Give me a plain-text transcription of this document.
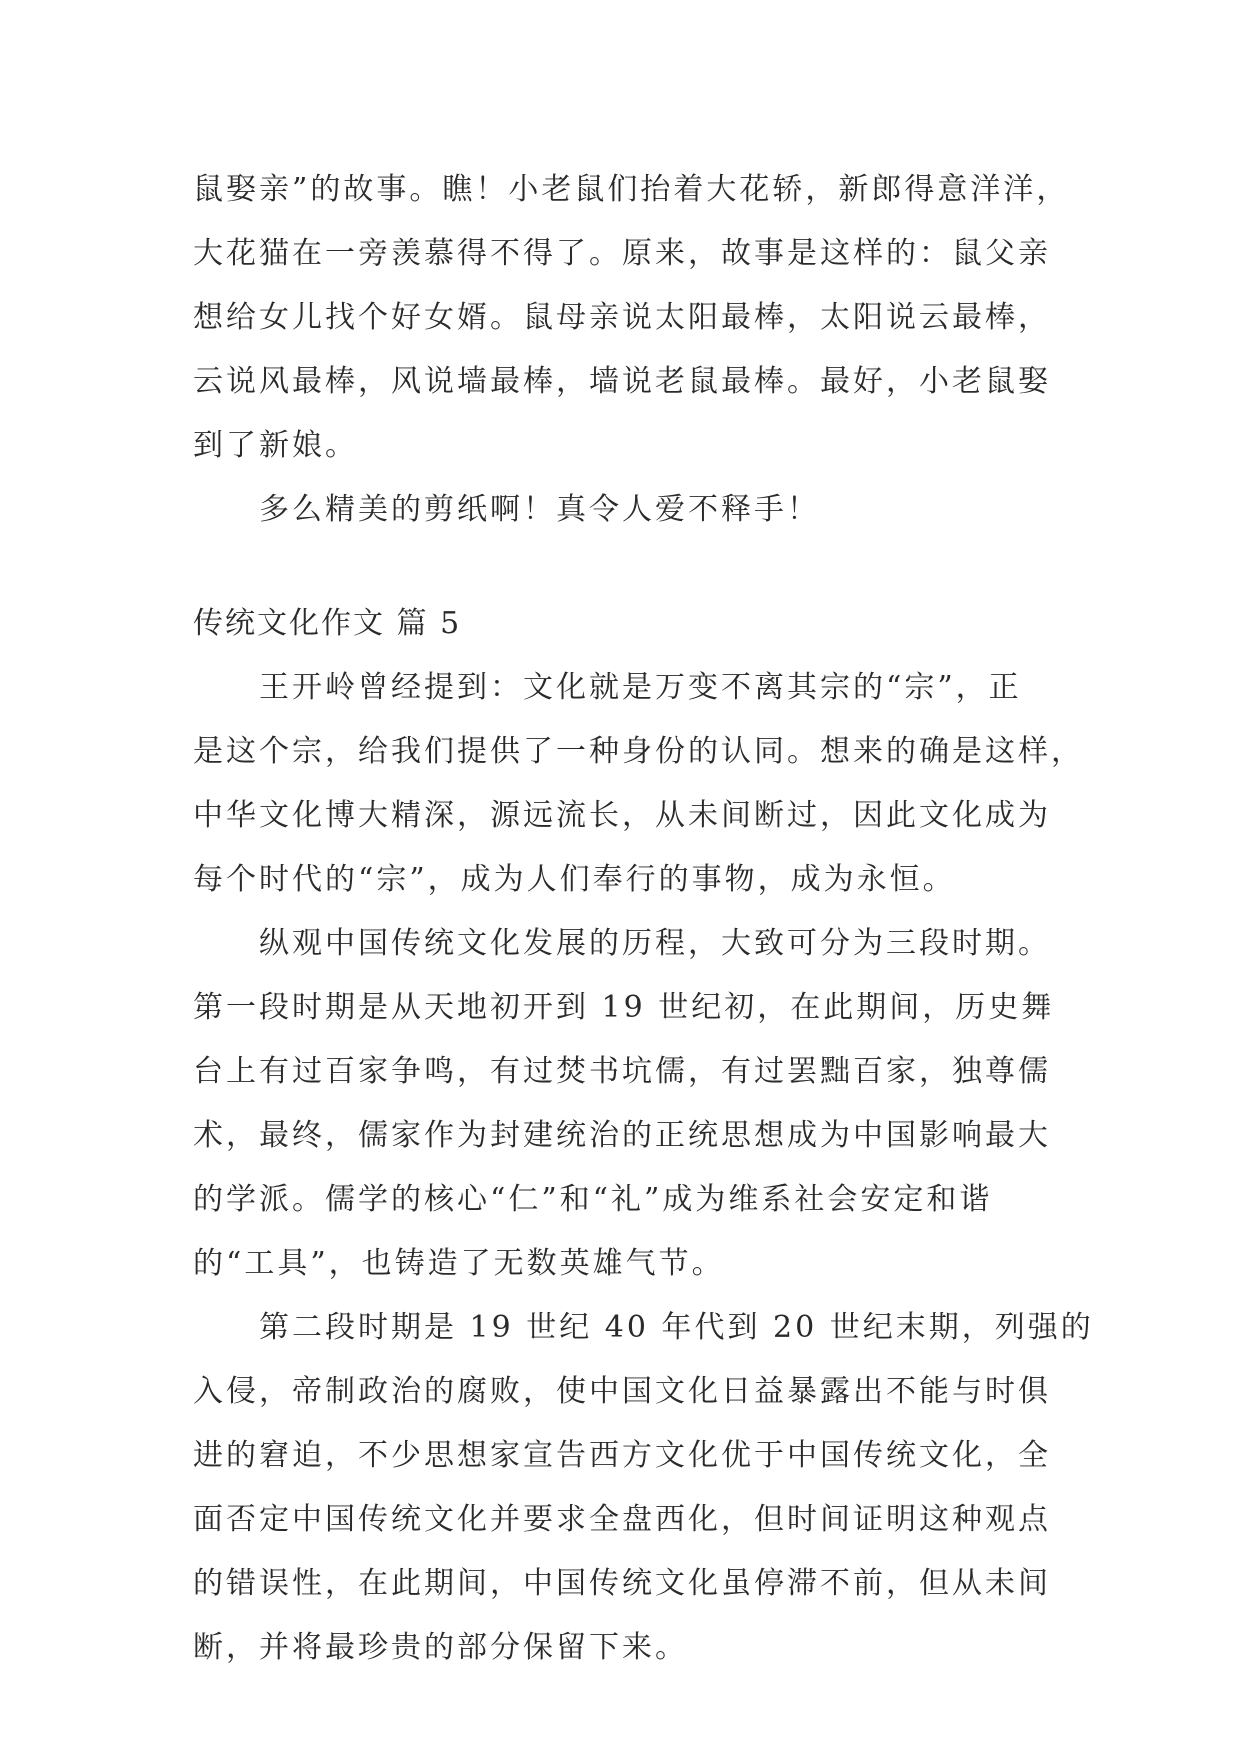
鼠娶亲”的故事。瞧！小老鼠们抬着大花轿，新郎得意洋洋，
大花猫在一旁羡慕得不得了。原来，故事是这样的：鼠父亲
想给女儿找个好女婿。鼠母亲说太阳最棒，太阳说云最棒，
云说风最棒，风说墙最棒，墙说老鼠最棒。最好，小老鼠娶
到了新娘。
多么精美的剪纸啊！真令人爱不释手！
传统文化作文 篇 5
王开岭曾经提到：文化就是万变不离其宗的“宗”，正
是这个宗，给我们提供了一种身份的认同。想来的确是这样，
中华文化博大精深，源远流长，从未间断过，因此文化成为
每个时代的“宗”，成为人们奉行的事物，成为永恒。
纵观中国传统文化发展的历程，大致可分为三段时期。
第一段时期是从天地初开到 19 世纪初，在此期间，历史舞
台上有过百家争鸣，有过焚书坑儒，有过罢黜百家，独尊儒
术，最终，儒家作为封建统治的正统思想成为中国影响最大
的学派。儒学的核心“仁”和“礼”成为维系社会安定和谐
的“工具”，也铸造了无数英雄气节。
第二段时期是 19 世纪 40 年代到 20 世纪末期，列强的
入侵，帝制政治的腐败，使中国文化日益暴露出不能与时俱
进的窘迫，不少思想家宣告西方文化优于中国传统文化，全
面否定中国传统文化并要求全盘西化，但时间证明这种观点
的错误性，在此期间，中国传统文化虽停滞不前，但从未间
断，并将最珍贵的部分保留下来。
